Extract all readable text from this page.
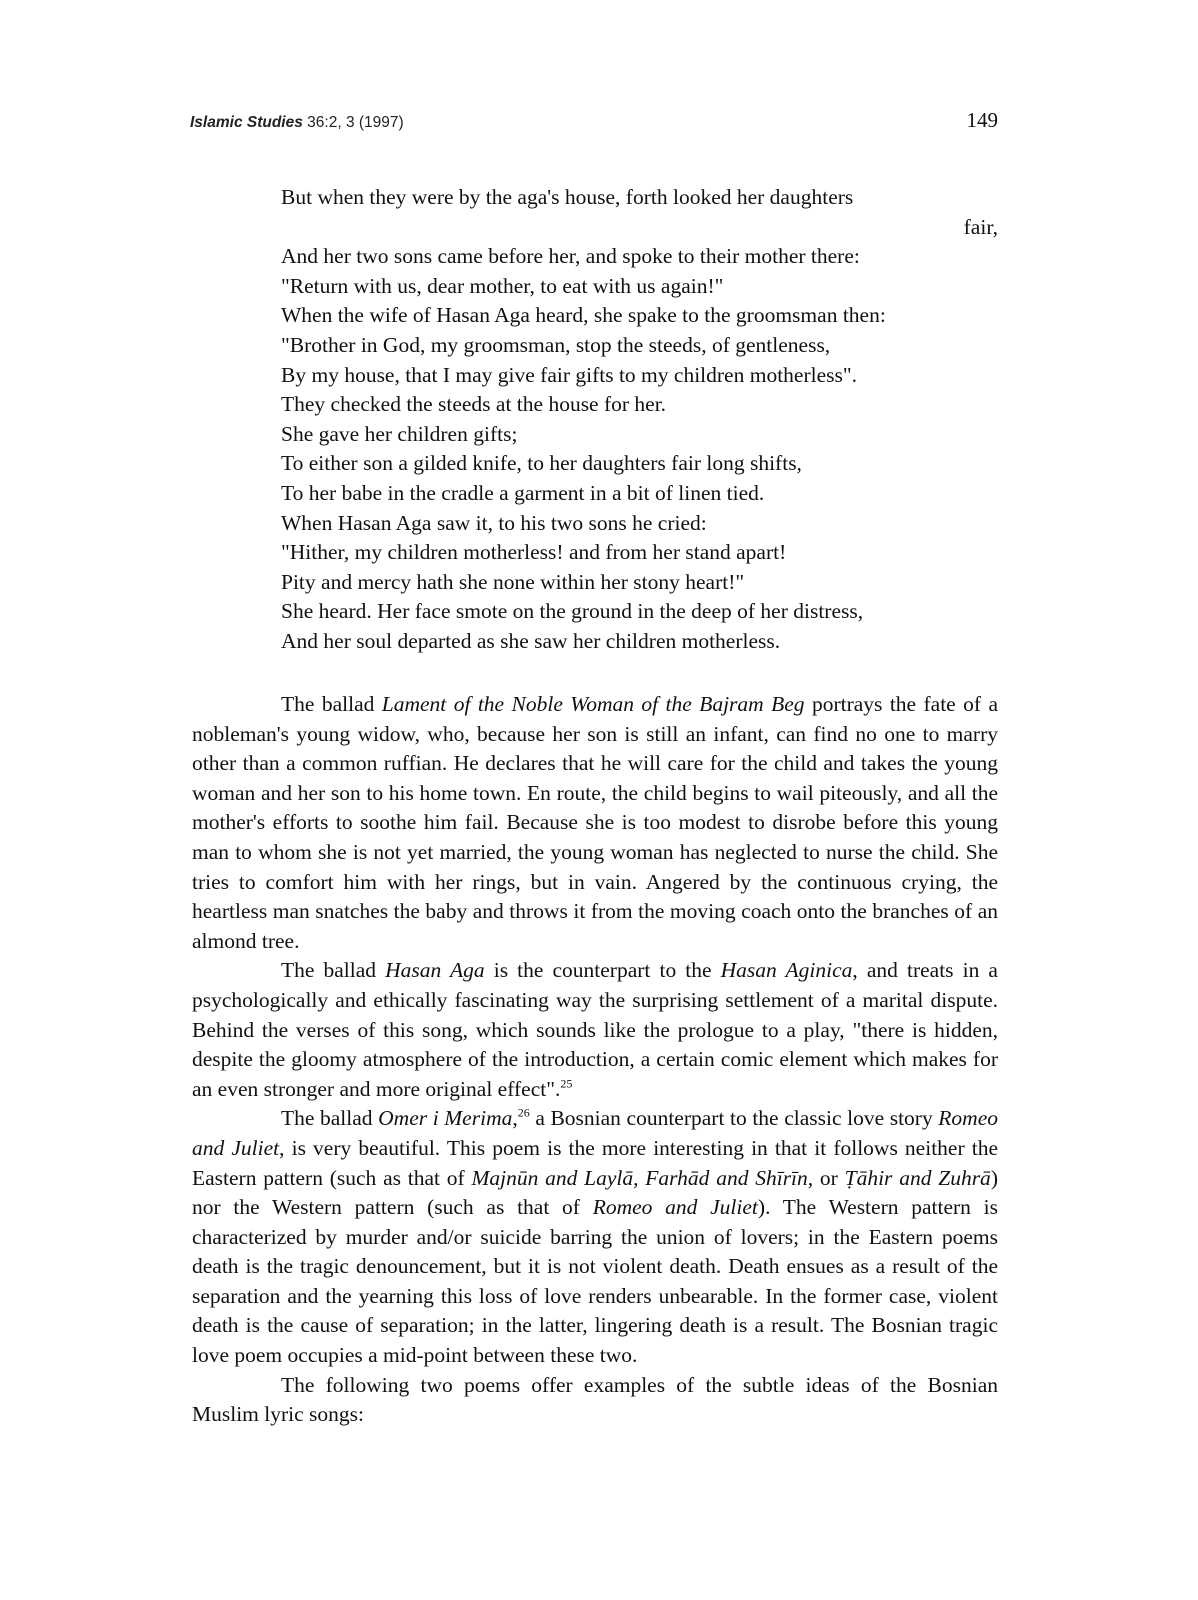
Islamic Studies 36:2, 3 (1997)	149
But when they were by the aga's house, forth looked her daughters
fair,
And her two sons came before her, and spoke to their mother there:
"Return with us, dear mother, to eat with us again!"
When the wife of Hasan Aga heard, she spake to the groomsman then:
"Brother in God, my groomsman, stop the steeds, of gentleness,
By my house, that I may give fair gifts to my children motherless".
They checked the steeds at the house for her.
She gave her children gifts;
To either son a gilded knife, to her daughters fair long shifts,
To her babe in the cradle a garment in a bit of linen tied.
When Hasan Aga saw it, to his two sons he cried:
"Hither, my children motherless! and from her stand apart!
Pity and mercy hath she none within her stony heart!"
She heard. Her face smote on the ground in the deep of her distress,
And her soul departed as she saw her children motherless.

The ballad Lament of the Noble Woman of the Bajram Beg portrays the fate of a nobleman's young widow, who, because her son is still an infant, can find no one to marry other than a common ruffian. He declares that he will care for the child and takes the young woman and her son to his home town. En route, the child begins to wail piteously, and all the mother's efforts to soothe him fail. Because she is too modest to disrobe before this young man to whom she is not yet married, the young woman has neglected to nurse the child. She tries to comfort him with her rings, but in vain. Angered by the continuous crying, the heartless man snatches the baby and throws it from the moving coach onto the branches of an almond tree.

The ballad Hasan Aga is the counterpart to the Hasan Aginica, and treats in a psychologically and ethically fascinating way the surprising settlement of a marital dispute. Behind the verses of this song, which sounds like the prologue to a play, "there is hidden, despite the gloomy atmosphere of the introduction, a certain comic element which makes for an even stronger and more original effect".$^{25}$

The ballad Omer i Merima,$^{26}$ a Bosnian counterpart to the classic love story Romeo and Juliet, is very beautiful. This poem is the more interesting in that it follows neither the Eastern pattern (such as that of Majnūn and Laylā, Farhād and Shīrīn, or Ṭāhir and Zuhrā) nor the Western pattern (such as that of Romeo and Juliet). The Western pattern is characterized by murder and/or suicide barring the union of lovers; in the Eastern poems death is the tragic denouncement, but it is not violent death. Death ensues as a result of the separation and the yearning this loss of love renders unbearable. In the former case, violent death is the cause of separation; in the latter, lingering death is a result. The Bosnian tragic love poem occupies a mid-point between these two.

The following two poems offer examples of the subtle ideas of the Bosnian Muslim lyric songs:
